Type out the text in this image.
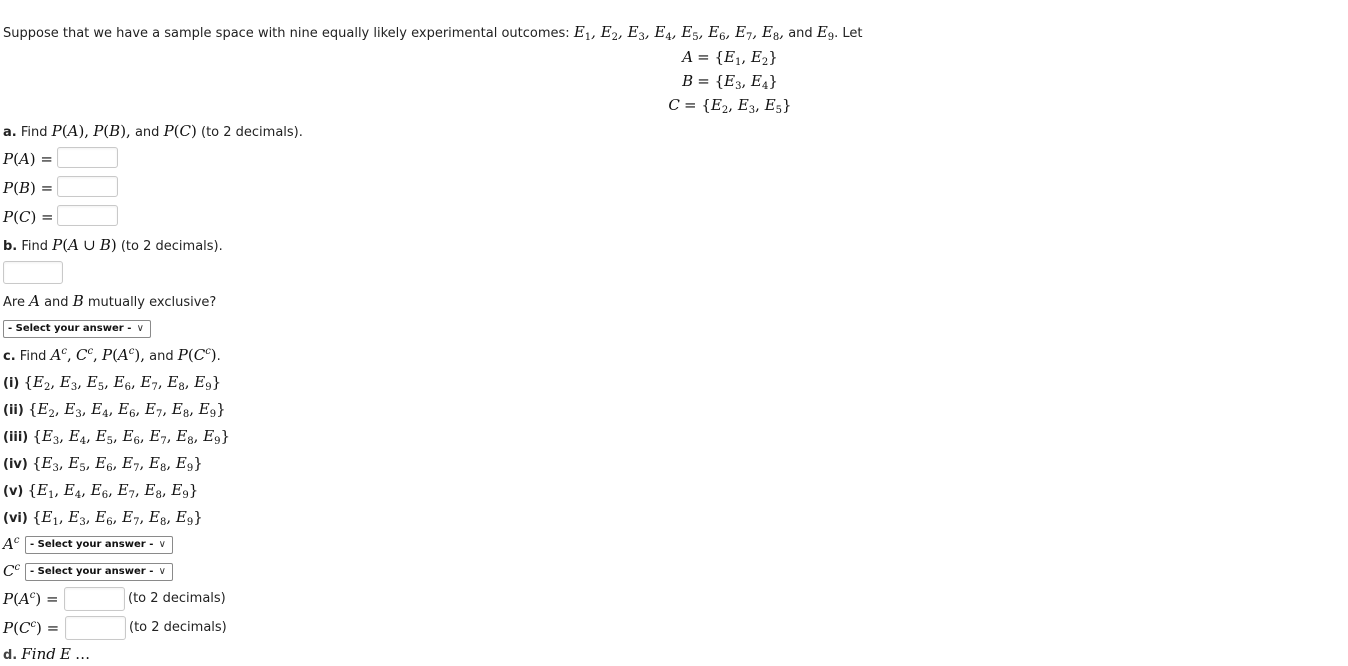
Suppose that we have a sample space with nine equally likely experimental outcomes: $E_1$, $E_2$, $E_3$, $E_4$, $E_5$, $E_6$, $E_7$, $E_8$, and $E_9$. Let
$A = \{E_1$, $E_2$}
$B = \{E_3$, $E_4$}
$C = \{E_2$, $E_3$, $E_5$}
a. Find P(A), P(B), and P(C) (to 2 decimals).
P(A) =
P(B) =
P(C) =
b. Find P(A ∪ B) (to 2 decimals).
Are A and B mutually exclusive?
- Select your answer - ∨
c. Find $A^c$, $C^c$, $P(A^c)$, and $P(C^c)$.
(i) {$E_2$, $E_3$, $E_5$, $E_6$, $E_7$, $E_8$, $E_9$}
(ii) {$E_2$, $E_3$, $E_4$, $E_6$, $E_7$, $E_8$, $E_9$}
(iii) {$E_3$, $E_4$, $E_5$, $E_6$, $E_7$, $E_8$, $E_9$}
(iv) {$E_3$, $E_5$, $E_6$, $E_7$, $E_8$, $E_9$}
(v) {$E_1$, $E_4$, $E_6$, $E_7$, $E_8$, $E_9$}
(vi) {$E_1$, $E_3$, $E_6$, $E_7$, $E_8$, $E_9$}
$A^c$	- Select your answer - ∨
$C^c$ - Select your answer - ∨
$P(A^c)$ =	(to 2 decimals)
$P(C^c)$ =	(to 2 decimals)
d. Find E …
